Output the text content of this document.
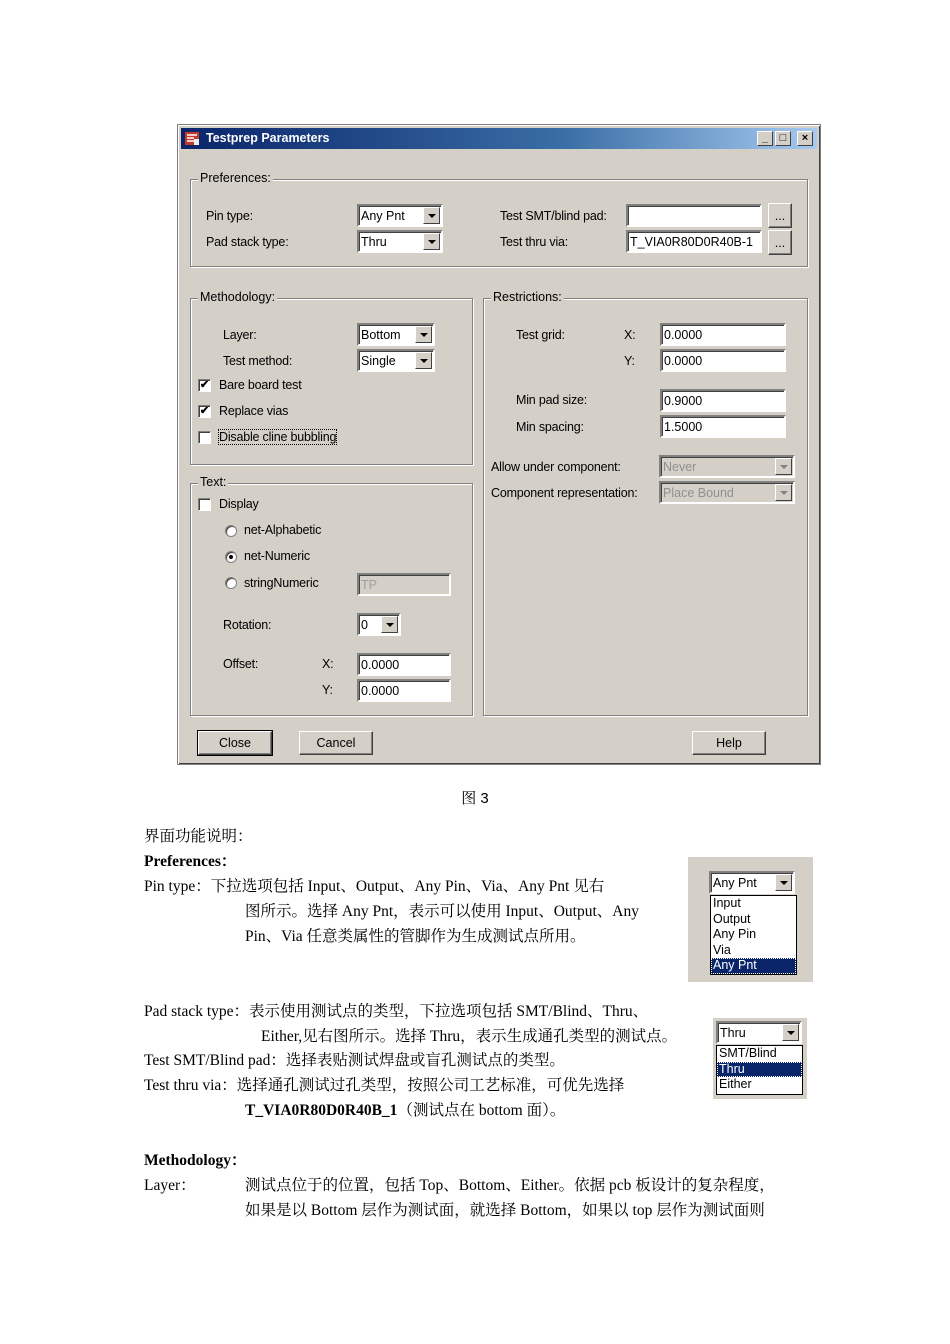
Testprep Parameters	_	□	×
Preferences:
Pin type:	Any Pnt
Pad stack type:	Thru
Test SMT/blind pad:	...
Test thru via:	T_VIA0R80D0R40B-1	...
Methodology:
Layer:	Bottom
Test method:	Single
✔ Bare board test
✔ Replace vias
Disable cline bubbling
Text:
Display
net-Alphabetic
net-Numeric
stringNumeric	TP
Rotation:	0
Offset:	X:	0.0000
Y:	0.0000
Restrictions:
Test grid:	X:	0.0000
Y:	0.0000
Min pad size:	0.9000
Min spacing:	1.5000
Allow under component:	Never
Component representation:	Place Bound
Close	Cancel	Help
图 3
界面功能说明：
Preferences：
Pin type：下拉选项包括 Input、Output、Any Pin、Via、Any Pnt 见右
图所示。选择 Any Pnt，表示可以使用 Input、Output、Any
Pin、Via 任意类属性的管脚作为生成测试点所用。
Pad stack type：表示使用测试点的类型，下拉选项包括 SMT/Blind、Thru、
Either,见右图所示。选择 Thru，表示生成通孔类型的测试点。
Test SMT/Blind pad：选择表贴测试焊盘或盲孔测试点的类型。
Test thru via：选择通孔测试过孔类型，按照公司工艺标准，可优先选择
T_VIA0R80D0R40B_1（测试点在 bottom 面）。
Methodology：
Layer：	测试点位于的位置，包括 Top、Bottom、Either。依据 pcb 板设计的复杂程度，
如果是以 Bottom 层作为测试面，就选择 Bottom，如果以 top 层作为测试面则
Any Pnt
Input
Output
Any Pin
Via
Any Pnt
Thru
SMT/Blind
Thru
Either
